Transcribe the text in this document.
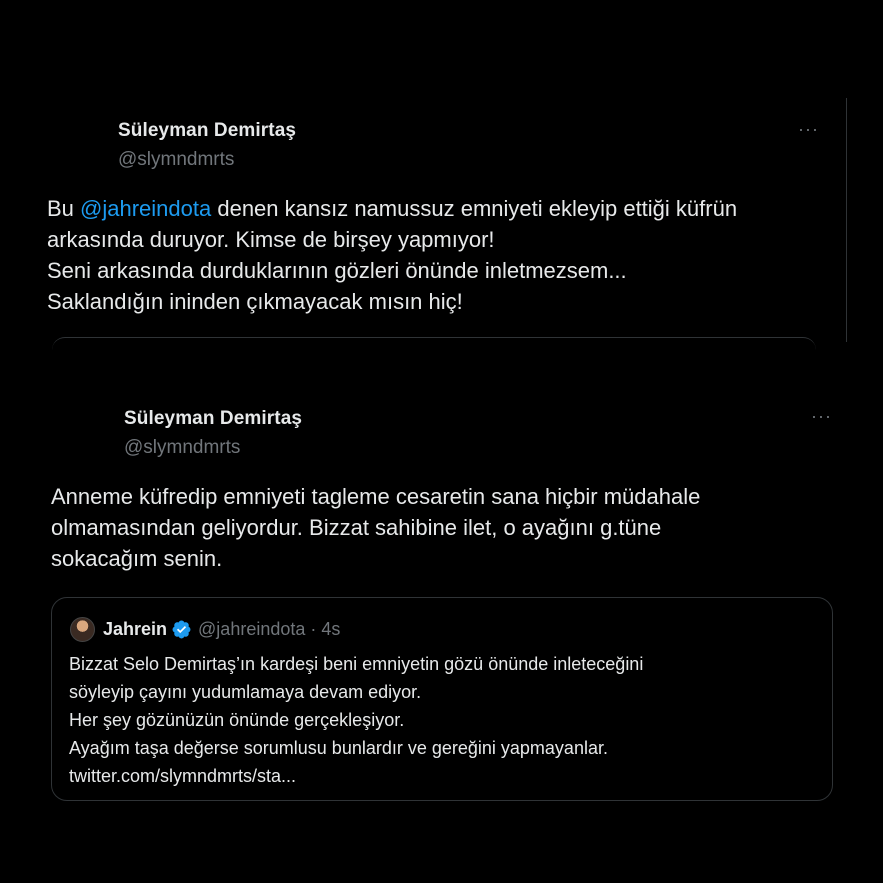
Süleyman Demirtaş
@slymndmrts
···
Bu @jahreindota denen kansız namussuz emniyeti ekleyip ettiği küfrün
arkasında duruyor. Kimse de birşey yapmıyor!
Seni arkasında durduklarının gözleri önünde inletmezsem...
Saklandığın ininden çıkmayacak mısın hiç!
Süleyman Demirtaş
@slymndmrts
···
Anneme küfredip emniyeti tagleme cesaretin sana hiçbir müdahale
olmamasından geliyordur. Bizzat sahibine ilet, o ayağını g.tüne
sokacağım senin.
Jahrein @jahreindota · 4s
Bizzat Selo Demirtaş’ın kardeşi beni emniyetin gözü önünde inleteceğini
söyleyip çayını yudumlamaya devam ediyor.
Her şey gözünüzün önünde gerçekleşiyor.
Ayağım taşa değerse sorumlusu bunlardır ve gereğini yapmayanlar.
twitter.com/slymndmrts/sta...
